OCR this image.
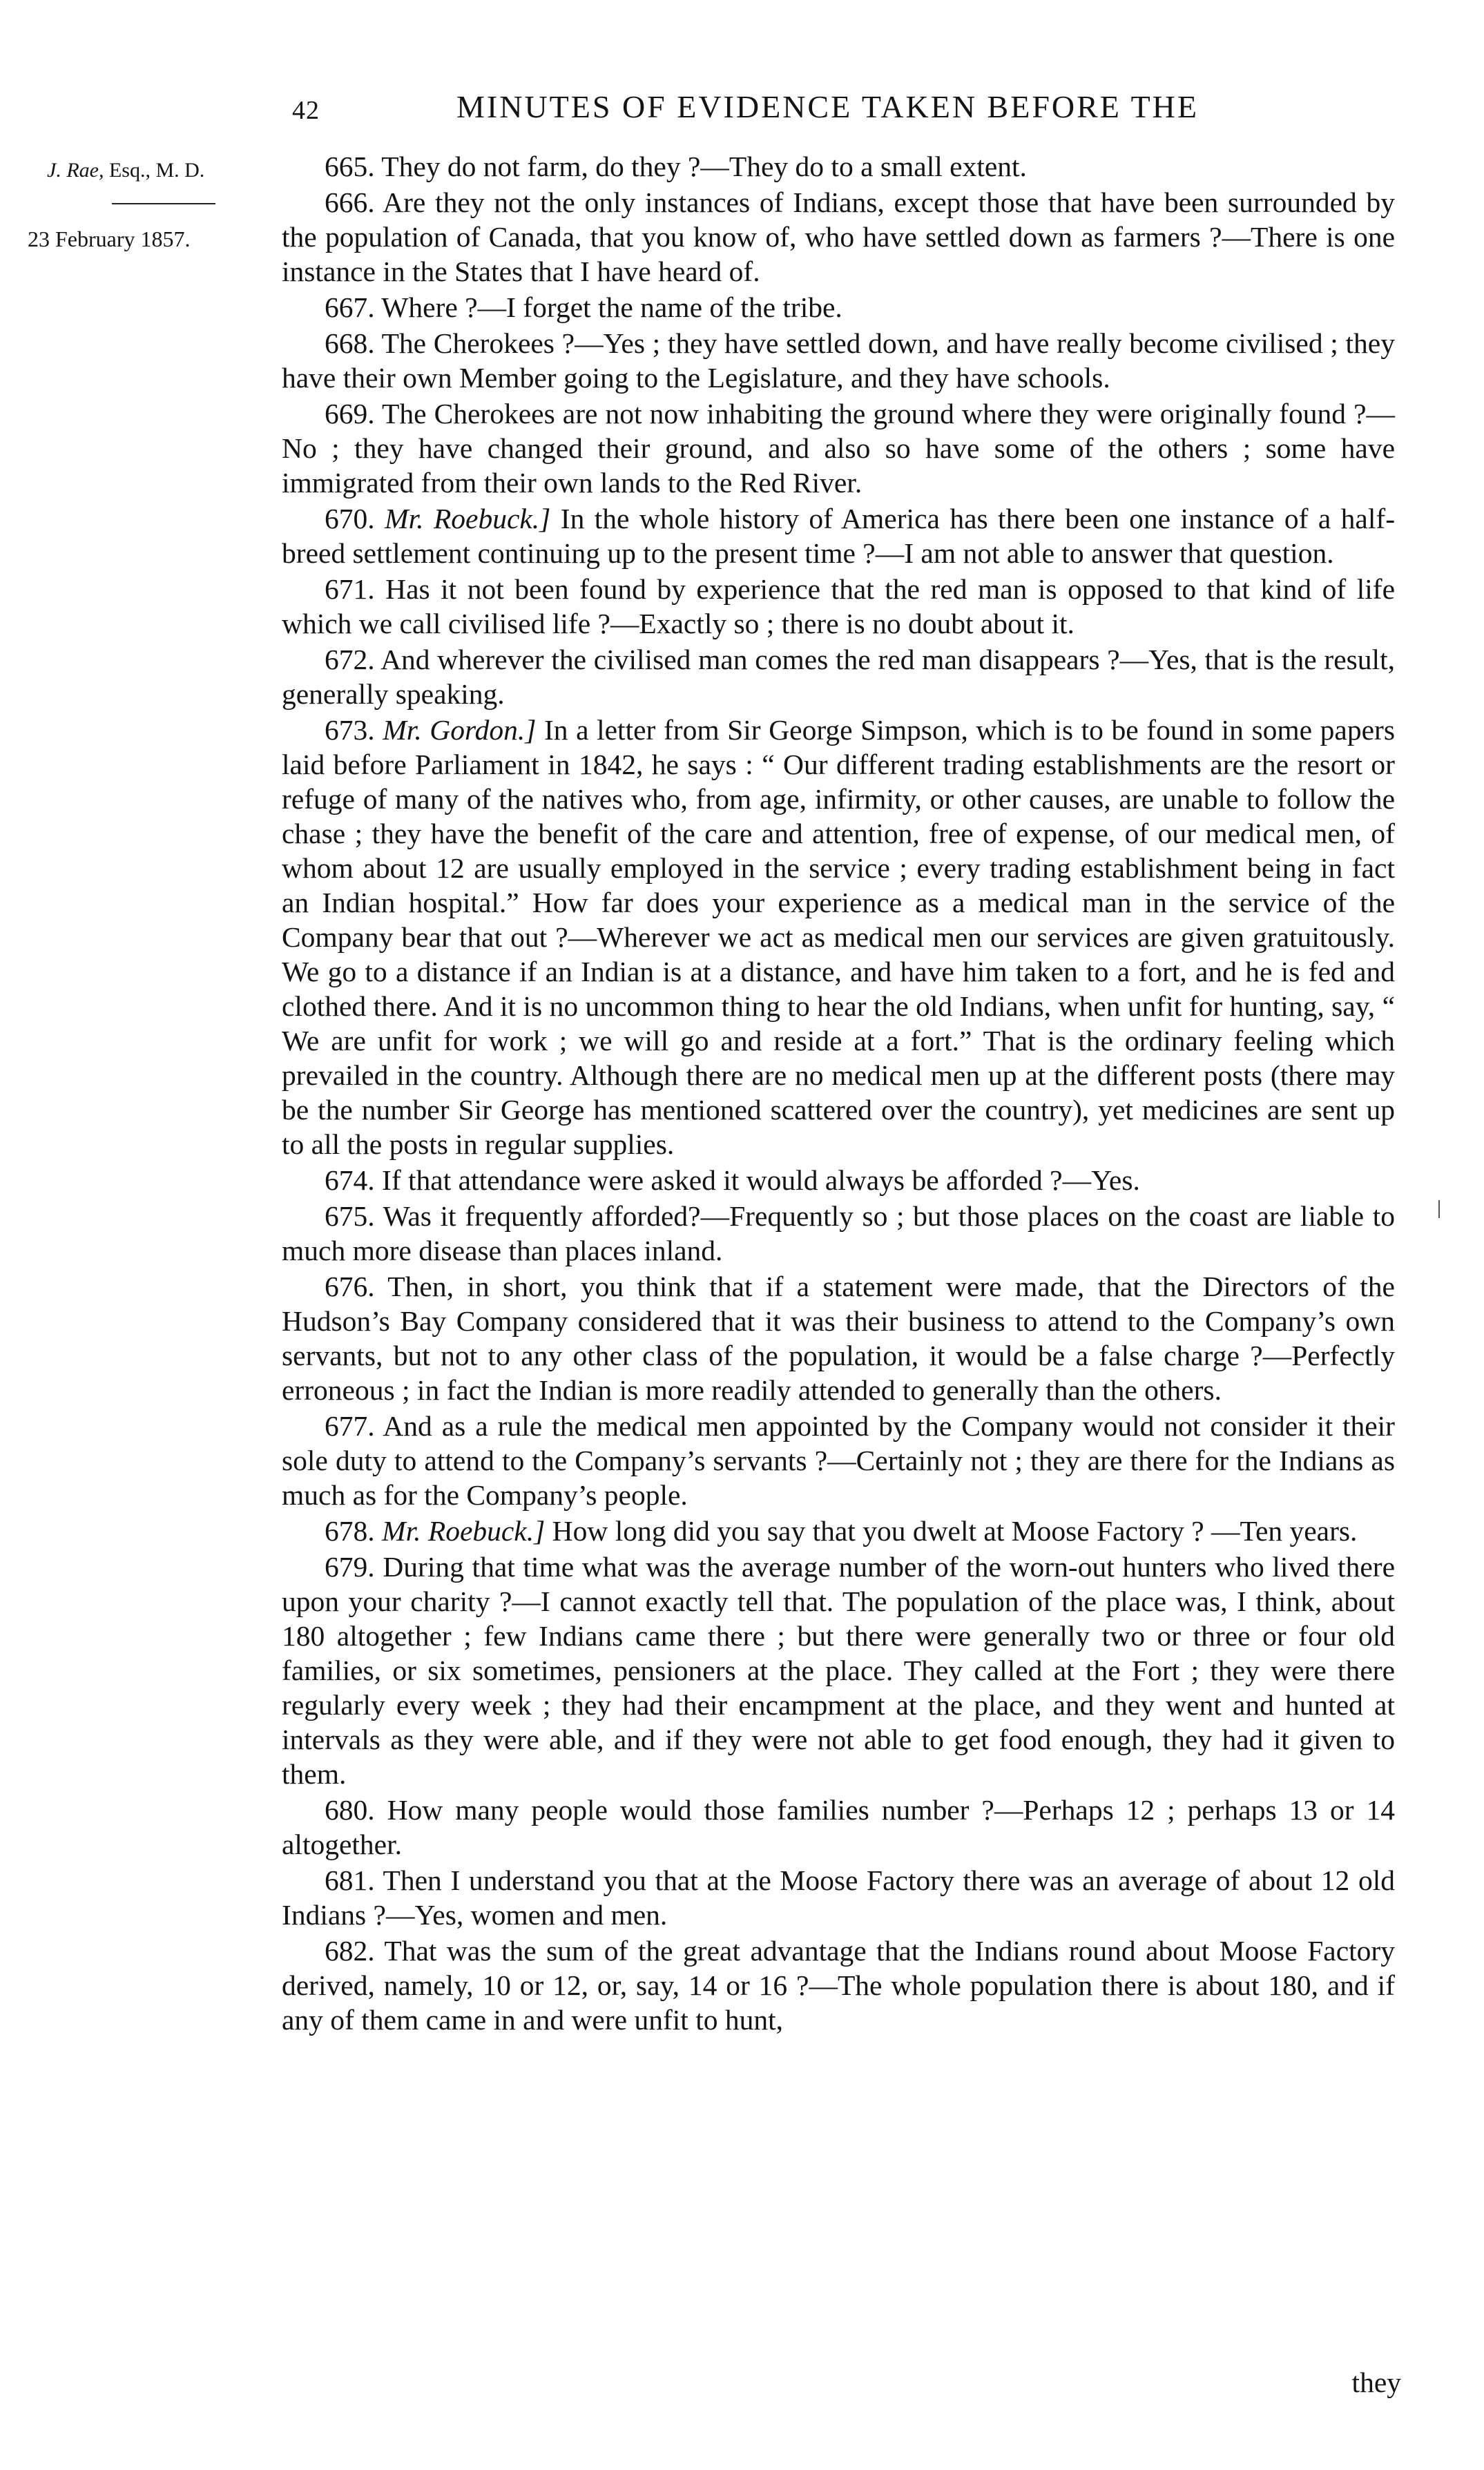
42	MINUTES OF EVIDENCE TAKEN BEFORE THE
J. Rae, Esq., M. D.
23 February 1857.

665. They do not farm, do they ?—They do to a small extent.

666. Are they not the only instances of Indians, except those that have been surrounded by the population of Canada, that you know of, who have settled down as farmers ?—There is one instance in the States that I have heard of.

667. Where ?—I forget the name of the tribe.

668. The Cherokees ?—Yes ; they have settled down, and have really become civilised ; they have their own Member going to the Legislature, and they have schools.

669. The Cherokees are not now inhabiting the ground where they were originally found ?—No ; they have changed their ground, and also so have some of the others ; some have immigrated from their own lands to the Red River.

670. Mr. Roebuck.] In the whole history of America has there been one instance of a half-breed settlement continuing up to the present time ?—I am not able to answer that question.

671. Has it not been found by experience that the red man is opposed to that kind of life which we call civilised life ?—Exactly so ; there is no doubt about it.

672. And wherever the civilised man comes the red man disappears ?—Yes, that is the result, generally speaking.

673. Mr. Gordon.] In a letter from Sir George Simpson, which is to be found in some papers laid before Parliament in 1842, he says : “ Our different trading establishments are the resort or refuge of many of the natives who, from age, infirmity, or other causes, are unable to follow the chase ; they have the benefit of the care and attention, free of expense, of our medical men, of whom about 12 are usually employed in the service ; every trading establishment being in fact an Indian hospital.” How far does your experience as a medical man in the service of the Company bear that out ?—Wherever we act as medical men our services are given gratuitously. We go to a distance if an Indian is at a distance, and have him taken to a fort, and he is fed and clothed there. And it is no uncommon thing to hear the old Indians, when unfit for hunting, say, “ We are unfit for work ; we will go and reside at a fort.” That is the ordinary feeling which prevailed in the country. Although there are no medical men up at the different posts (there may be the number Sir George has mentioned scattered over the country), yet medicines are sent up to all the posts in regular supplies.

674. If that attendance were asked it would always be afforded ?—Yes.

675. Was it frequently afforded?—Frequently so ; but those places on the coast are liable to much more disease than places inland.

676. Then, in short, you think that if a statement were made, that the Directors of the Hudson’s Bay Company considered that it was their business to attend to the Company’s own servants, but not to any other class of the population, it would be a false charge ?—Perfectly erroneous ; in fact the Indian is more readily attended to generally than the others.

677. And as a rule the medical men appointed by the Company would not consider it their sole duty to attend to the Company’s servants ?—Certainly not ; they are there for the Indians as much as for the Company’s people.

678. Mr. Roebuck.] How long did you say that you dwelt at Moose Factory ? —Ten years.

679. During that time what was the average number of the worn-out hunters who lived there upon your charity ?—I cannot exactly tell that. The population of the place was, I think, about 180 altogether ; few Indians came there ; but there were generally two or three or four old families, or six sometimes, pensioners at the place. They called at the Fort ; they were there regularly every week ; they had their encampment at the place, and they went and hunted at intervals as they were able, and if they were not able to get food enough, they had it given to them.

680. How many people would those families number ?—Perhaps 12 ; perhaps 13 or 14 altogether.

681. Then I understand you that at the Moose Factory there was an average of about 12 old Indians ?—Yes, women and men.

682. That was the sum of the great advantage that the Indians round about Moose Factory derived, namely, 10 or 12, or, say, 14 or 16 ?—The whole population there is about 180, and if any of them came in and were unfit to hunt,

they
